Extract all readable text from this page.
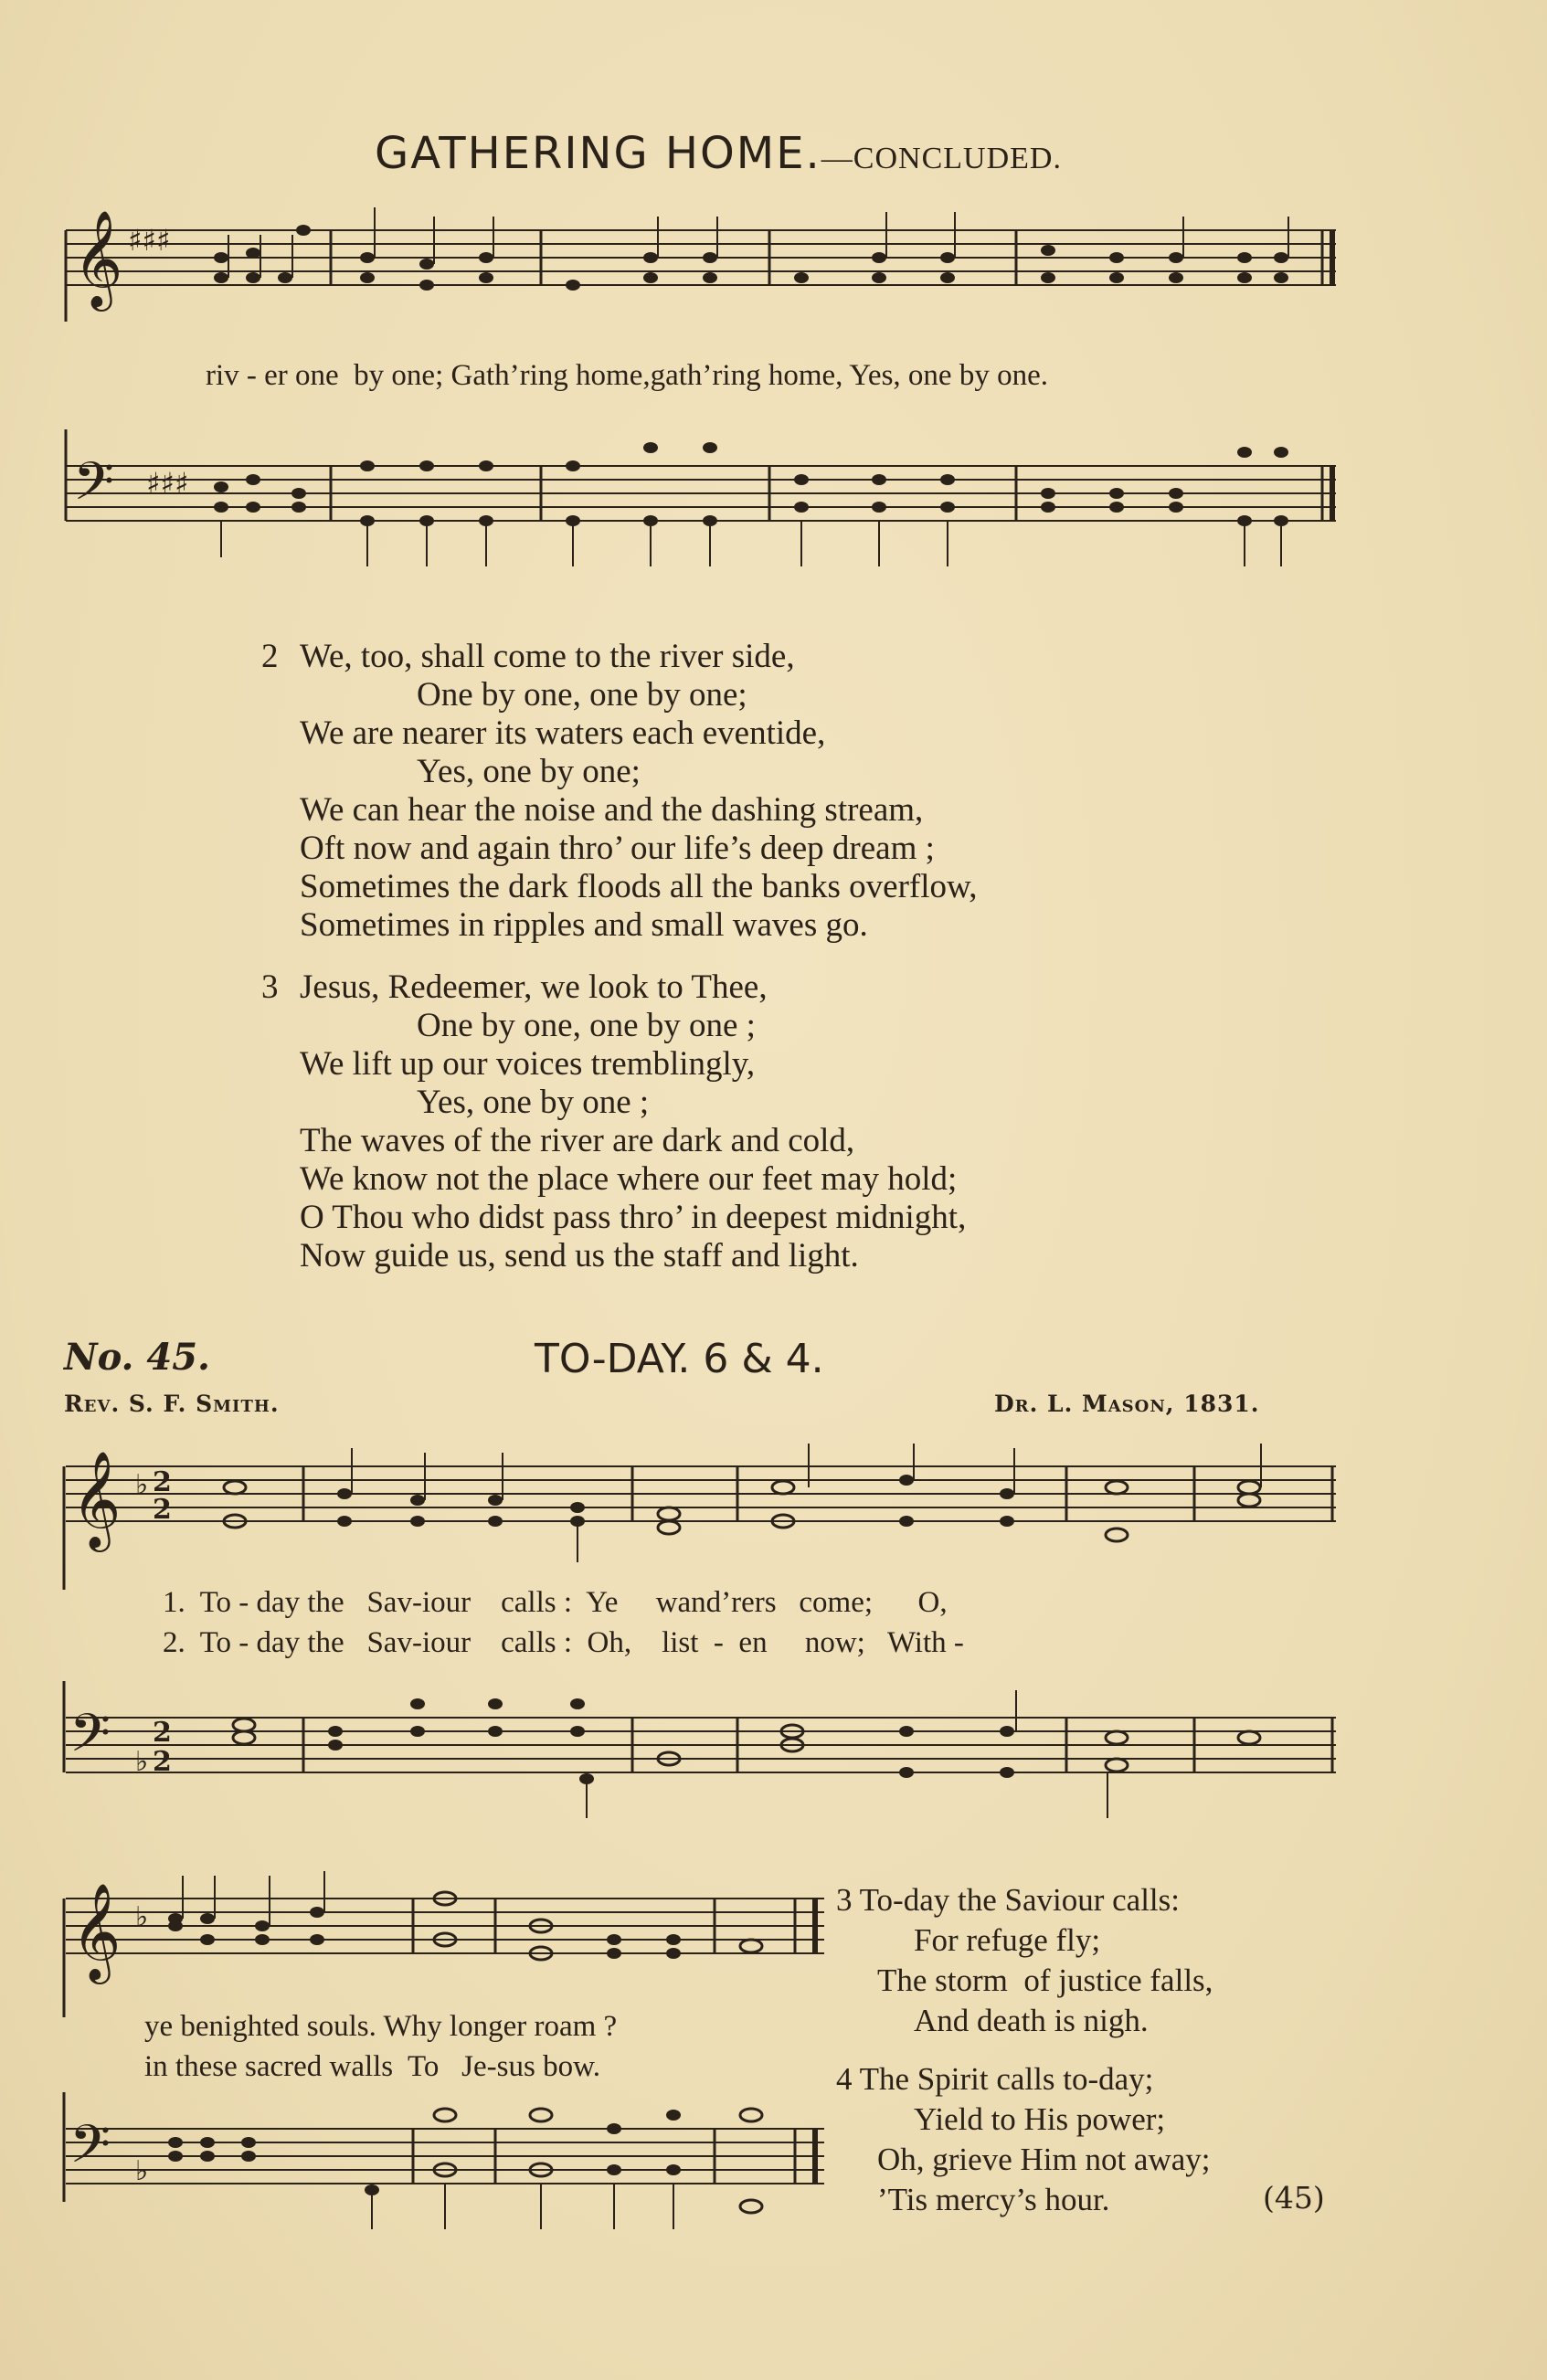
GATHERING HOME.—CONCLUDED.
𝄞 ♯♯♯
riv - er one  by one; Gath’ring home,gath’ring home, Yes, one by one.
𝄢 ♯♯♯
2 We, too, shall come to the river side,
One by one, one by one;
We are nearer its waters each eventide,
Yes, one by one;
We can hear the noise and the dashing stream,
Oft now and again thro’ our life’s deep dream ;
Sometimes the dark floods all the banks overflow,
Sometimes in ripples and small waves go.
3 Jesus, Redeemer, we look to Thee,
One by one, one by one ;
We lift up our voices tremblingly,
Yes, one by one ;
The waves of the river are dark and cold,
We know not the place where our feet may hold;
O Thou who didst pass thro’ in deepest midnight,
Now guide us, send us the staff and light.
No. 45.	TO-DAY. 6 & 4.
Rev. S. F. Smith.	Dr. L. Mason, 1831.
𝄞 ♭ 2
2
1.  To - day the   Sav-iour    calls :  Ye     wand’rers   come;      O,
2.  To - day the   Sav-iour    calls :  Oh,    list  -  en     now;   With -
𝄢 2
♭ 2
𝄞 ♭
ye benighted souls. Why longer roam ?
in these sacred walls  To   Je-sus bow.
𝄢 ♭
3 To-day the Saviour calls:
For refuge fly;
The storm  of justice falls,
And death is nigh.
4 The Spirit calls to-day;
Yield to His power;
Oh, grieve Him not away;
’Tis mercy’s hour.	(45)
